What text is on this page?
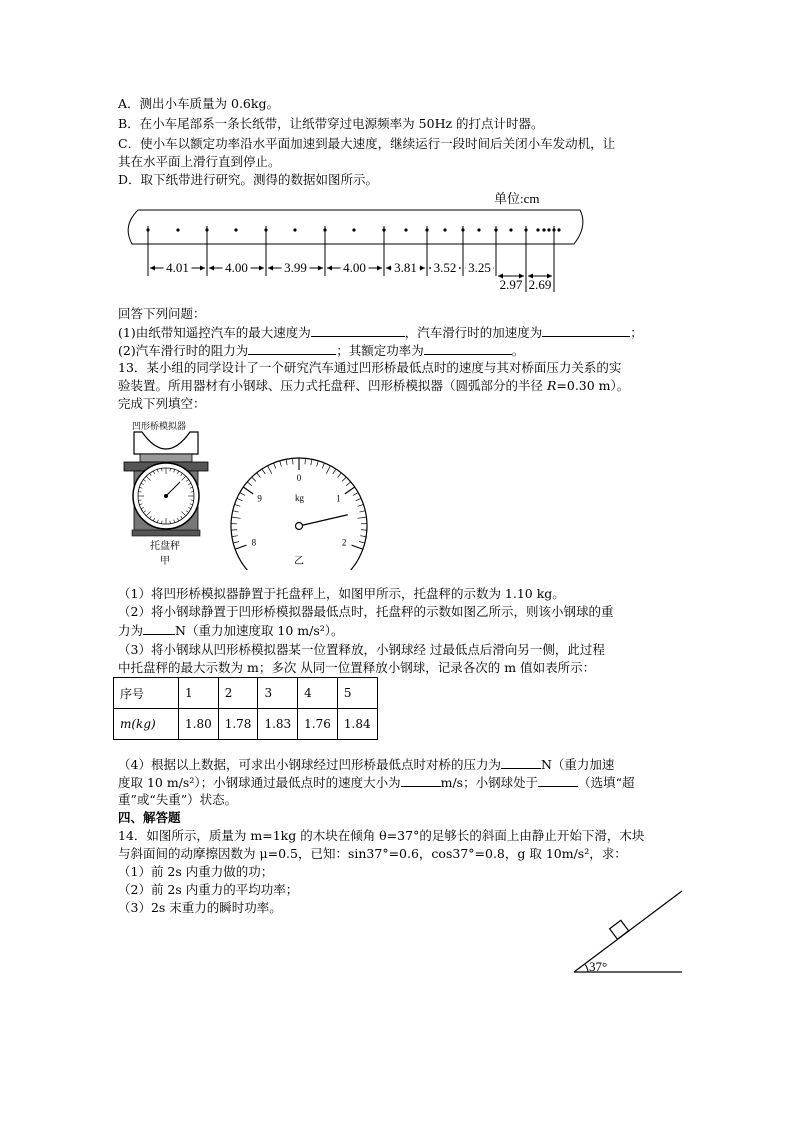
A．测出小车质量为 0.6kg。
B．在小车尾部系一条长纸带，让纸带穿过电源频率为 50Hz 的打点计时器。
C．使小车以额定功率沿水平面加速到最大速度，继续运行一段时间后关闭小车发动机，让
其在水平面上滑行直到停止。
D．取下纸带进行研究。测得的数据如图所示。
单位:cm
4.01	4.00	3.99	4.00 3.81 3.52 3.25
2.97 2.69
回答下列问题：
(1)由纸带知遥控汽车的最大速度为	，汽车滑行时的加速度为	；
(2)汽车滑行时的阻力为	；其额定功率为	。
13．某小组的同学设计了一个研究汽车通过凹形桥最低点时的速度与其对桥面压力关系的实
验装置。所用器材有小钢球、压力式托盘秤、凹形桥模拟器（圆弧部分的半径 R=0.30 m）。
完成下列填空：
凹形桥模拟器
托盘秤
甲
8
9
0
1
2
kg
乙
（1）将凹形桥模拟器静置于托盘秤上，如图甲所示，托盘秤的示数为 1.10 kg。
（2）将小钢球静置于凹形桥模拟器最低点时，托盘秤的示数如图乙所示，则该小钢球的重
力为	N（重力加速度取 10 m/s²）。
（3）将小钢球从凹形桥模拟器某一位置释放，小钢球经 过最低点后滑向另一侧，此过程
中托盘秤的最大示数为 m；多次 从同一位置释放小钢球，记录各次的 m 值如表所示：
序号	1	2	3	4	5
m(kg)	1.80	1.78	1.83	1.76	1.84
（4）根据以上数据，可求出小钢球经过凹形桥最低点时对桥的压力为	N（重力加速
度取 10 m/s²）；小钢球通过最低点时的速度大小为	m/s；小钢球处于	（选填“超
重”或“失重”）状态。
四、解答题
14．如图所示，质量为 m=1kg 的木块在倾角 θ=37°的足够长的斜面上由静止开始下滑，木块
与斜面间的动摩擦因数为 μ=0.5，已知：sin37°=0.6，cos37°=0.8，g 取 10m/s²，求：
（1）前 2s 内重力做的功；
（2）前 2s 内重力的平均功率；
（3）2s 末重力的瞬时功率。
37°
